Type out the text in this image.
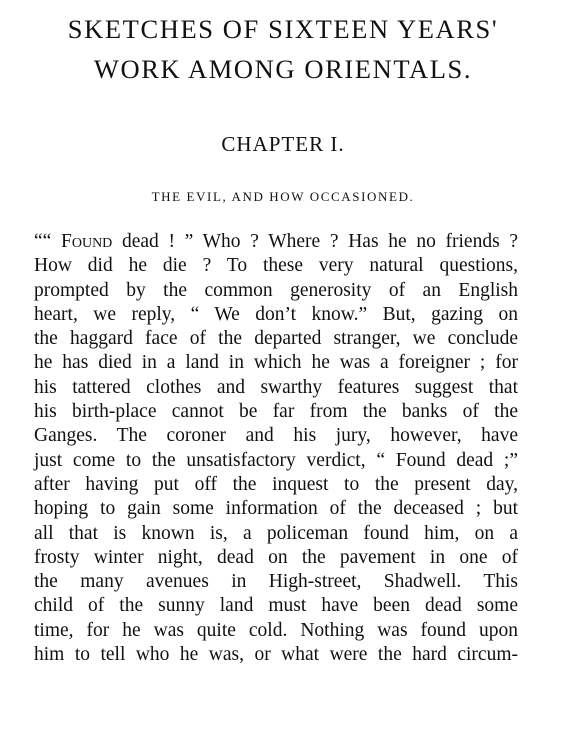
SKETCHES OF SIXTEEN YEARS'
WORK AMONG ORIENTALS.
CHAPTER I.
THE EVIL, AND HOW OCCASIONED.
““ Found dead ! ” Who ? Where ? Has he no friends ?
How did he die ? To these very natural questions,
prompted by the common generosity of an English
heart, we reply, “ We don’t know.” But, gazing on
the haggard face of the departed stranger, we conclude
he has died in a land in which he was a foreigner ; for
his tattered clothes and swarthy features suggest that
his birth-place cannot be far from the banks of the
Ganges. The coroner and his jury, however, have
just come to the unsatisfactory verdict, “ Found dead ;”
after having put off the inquest to the present day,
hoping to gain some information of the deceased ; but
all that is known is, a policeman found him, on a
frosty winter night, dead on the pavement in one of
the many avenues in High-street, Shadwell. This
child of the sunny land must have been dead some
time, for he was quite cold. Nothing was found upon
him to tell who he was, or what were the hard circum-
